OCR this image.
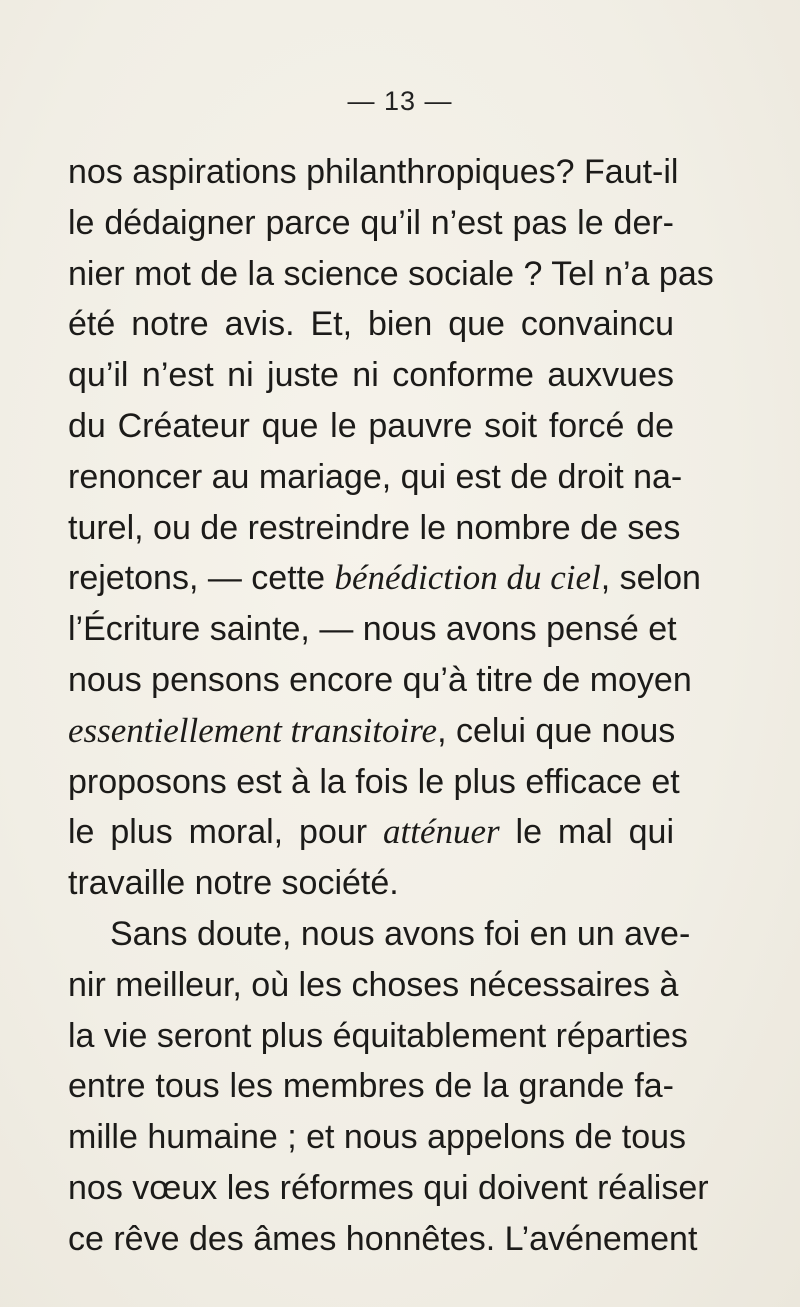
— 13 —
nos aspirations philanthropiques? Faut-il
le dédaigner parce qu’il n’est pas le der-
nier mot de la science sociale ? Tel n’a pas
été notre avis. Et, bien que convaincu
qu’il n’est ni juste ni conforme auxvues
du Créateur que le pauvre soit forcé de
renoncer au mariage, qui est de droit na-
turel, ou de restreindre le nombre de ses
rejetons, — cette bénédiction du ciel, selon
l’Écriture sainte, — nous avons pensé et
nous pensons encore qu’à titre de moyen
essentiellement transitoire, celui que nous
proposons est à la fois le plus efficace et
le plus moral, pour atténuer le mal qui
travaille notre société.
Sans doute, nous avons foi en un ave-
nir meilleur, où les choses nécessaires à
la vie seront plus équitablement réparties
entre tous les membres de la grande fa-
mille humaine ; et nous appelons de tous
nos vœux les réformes qui doivent réaliser
ce rêve des âmes honnêtes. L’avénement
